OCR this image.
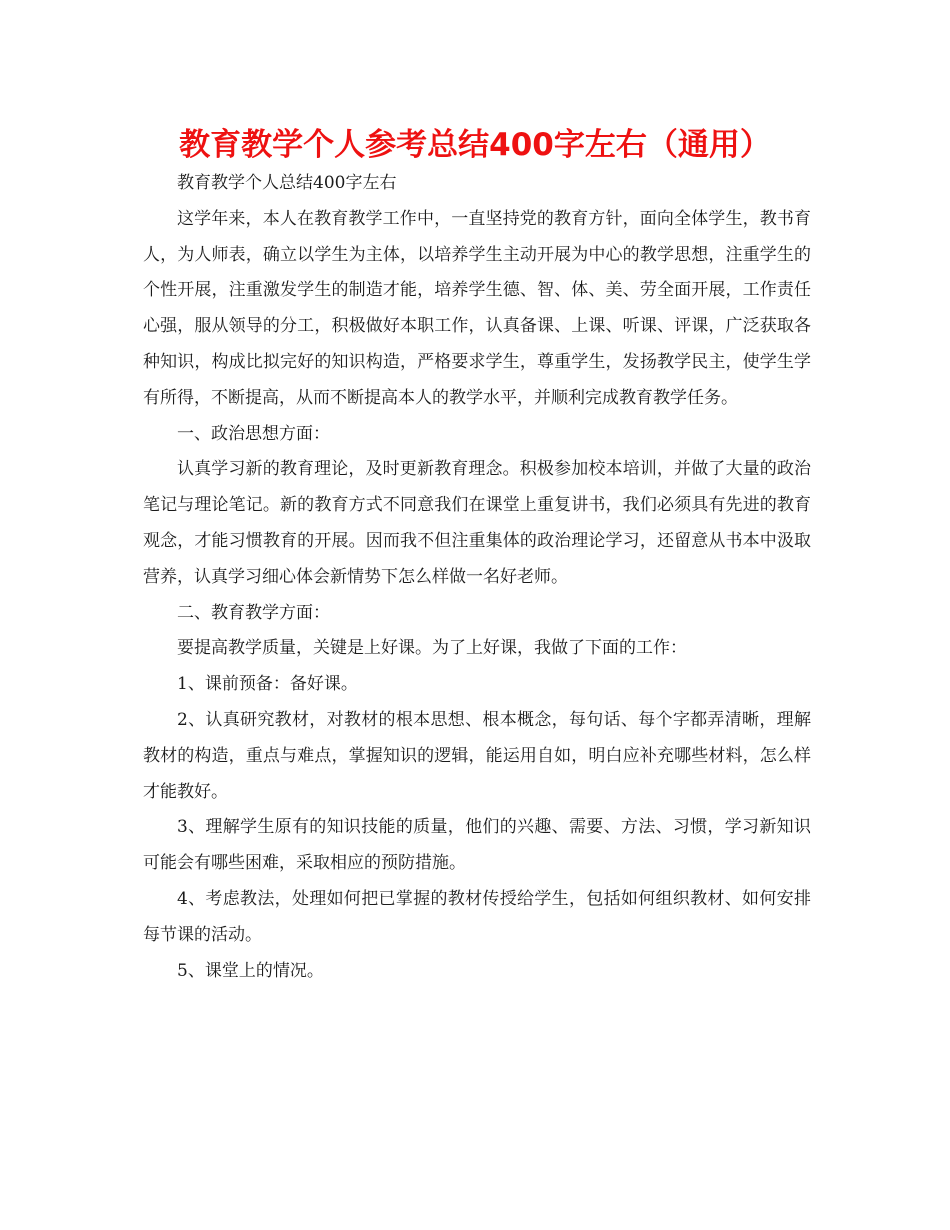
教育教学个人参考总结400字左右（通用）

教育教学个人总结400字左右

这学年来，本人在教育教学工作中，一直坚持党的教育方针，面向全体学生，教书育人，为人师表，确立以学生为主体，以培养学生主动开展为中心的教学思想，注重学生的个性开展，注重激发学生的制造才能，培养学生德、智、体、美、劳全面开展，工作责任心强，服从领导的分工，积极做好本职工作，认真备课、上课、听课、评课，广泛获取各种知识，构成比拟完好的知识构造，严格要求学生，尊重学生，发扬教学民主，使学生学有所得，不断提高，从而不断提高本人的教学水平，并顺利完成教育教学任务。

一、政治思想方面：

认真学习新的教育理论，及时更新教育理念。积极参加校本培训，并做了大量的政治笔记与理论笔记。新的教育方式不同意我们在课堂上重复讲书，我们必须具有先进的教育观念，才能习惯教育的开展。因而我不但注重集体的政治理论学习，还留意从书本中汲取营养，认真学习细心体会新情势下怎么样做一名好老师。

二、教育教学方面：

要提高教学质量，关键是上好课。为了上好课，我做了下面的工作：

1、课前预备：备好课。

2、认真研究教材，对教材的根本思想、根本概念，每句话、每个字都弄清晰，理解教材的构造，重点与难点，掌握知识的逻辑，能运用自如，明白应补充哪些材料，怎么样才能教好。

3、理解学生原有的知识技能的质量，他们的兴趣、需要、方法、习惯，学习新知识可能会有哪些困难，采取相应的预防措施。

4、考虑教法，处理如何把已掌握的教材传授给学生，包括如何组织教材、如何安排每节课的活动。

5、课堂上的情况。
